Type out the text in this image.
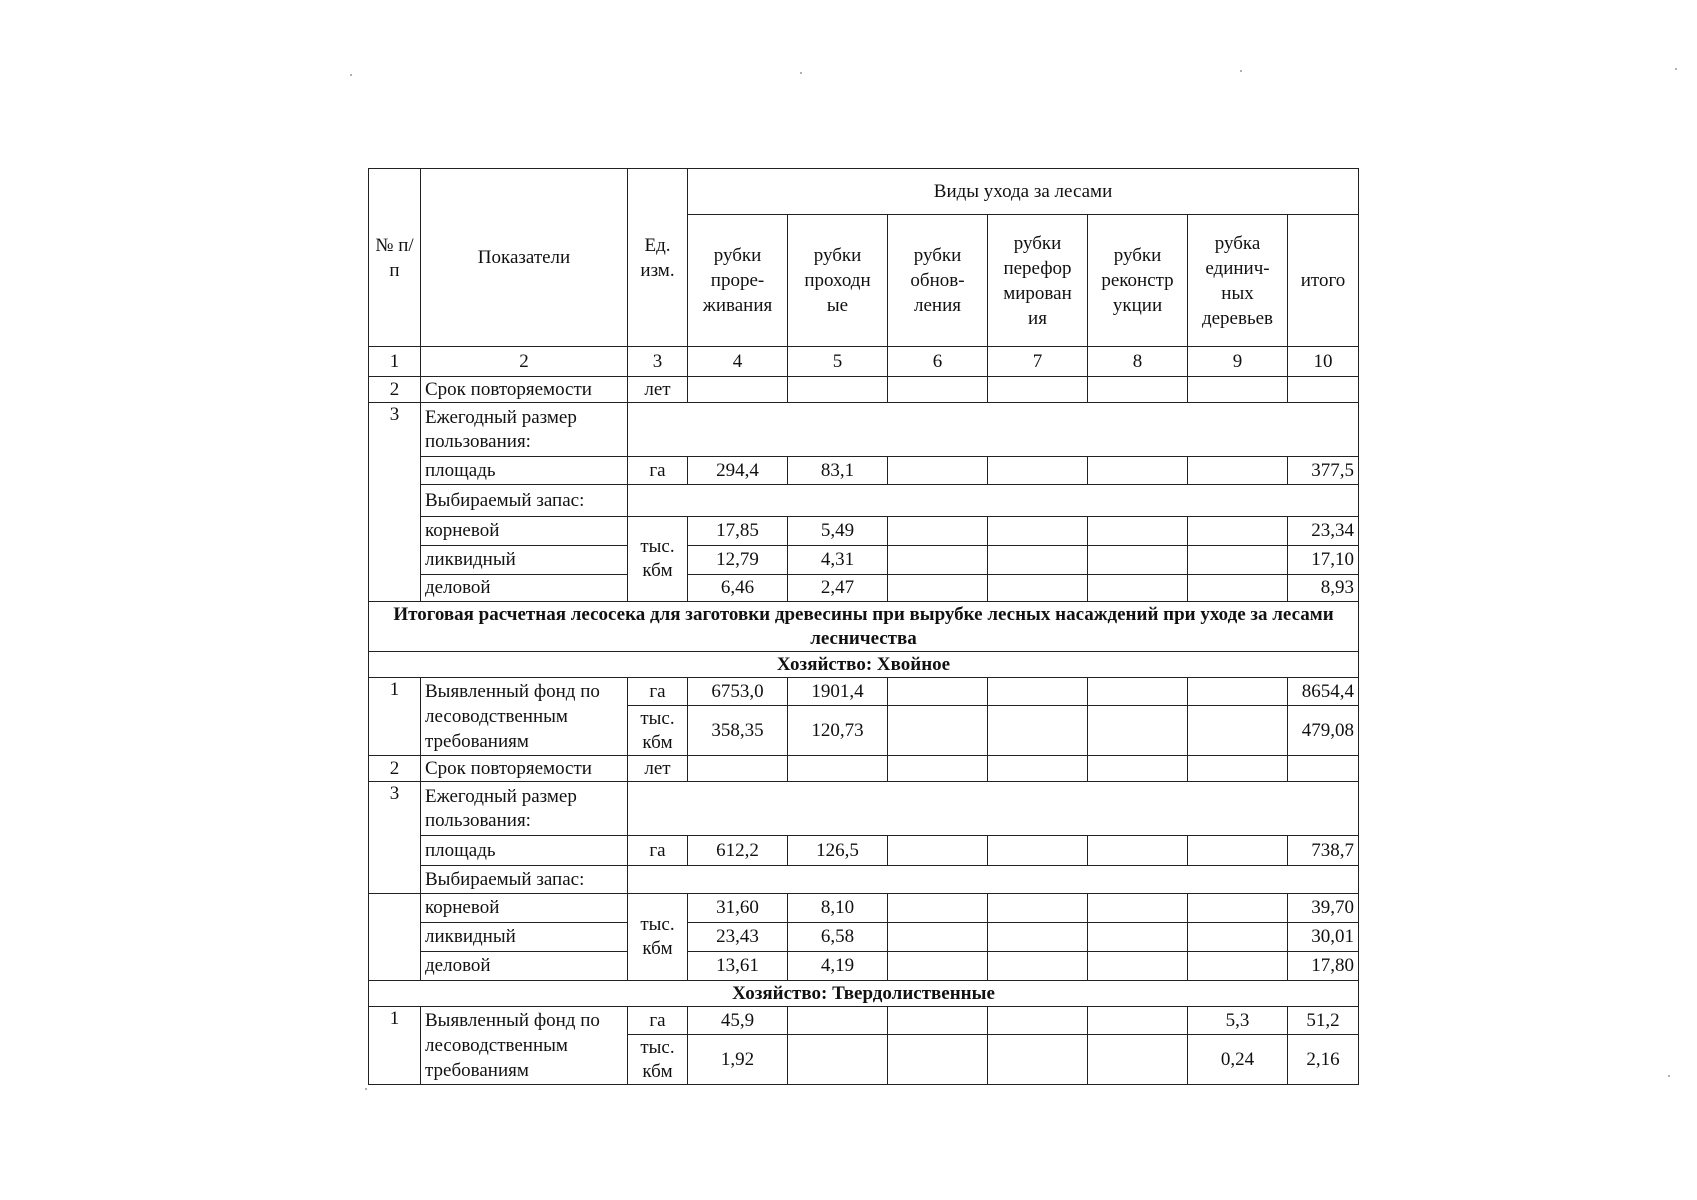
№ п/п	Показатели	Ед. изм.	Виды ухода за лесами						
			рубки
проре-
живания	рубки
проходн
ые	рубки
обнов-
ления	рубки
перефор
мирован
ия	рубки
реконстр
укции	рубка
единич-
ных
деревьев	итого
1	2	3	4	5	6	7	8	9	10
2	Срок повторяемости	лет							
3	Ежегодный размер пользования:								
	площадь	га	294,4	83,1					377,5
	Выбираемый запас:								
	корневой	тыс. кбм	17,85	5,49					23,34
	ликвидный		12,79	4,31					17,10
	деловой		6,46	2,47					8,93
Итоговая расчетная лесосека для заготовки древесины при вырубке лесных насаждений при уходе за лесами лесничества									
Хозяйство: Хвойное									
1	Выявленный фонд по лесоводственным требованиям	га	6753,0	1901,4					8654,4
		тыс. кбм	358,35	120,73					479,08
2	Срок повторяемости	лет							
3	Ежегодный размер пользования:								
	площадь	га	612,2	126,5					738,7
	Выбираемый запас:								
	корневой	тыс. кбм	31,60	8,10					39,70
	ликвидный		23,43	6,58					30,01
	деловой		13,61	4,19					17,80
Хозяйство: Твердолиственные									
1	Выявленный фонд по лесоводственным требованиям	га	45,9					5,3	51,2
		тыс. кбм	1,92					0,24	2,16
